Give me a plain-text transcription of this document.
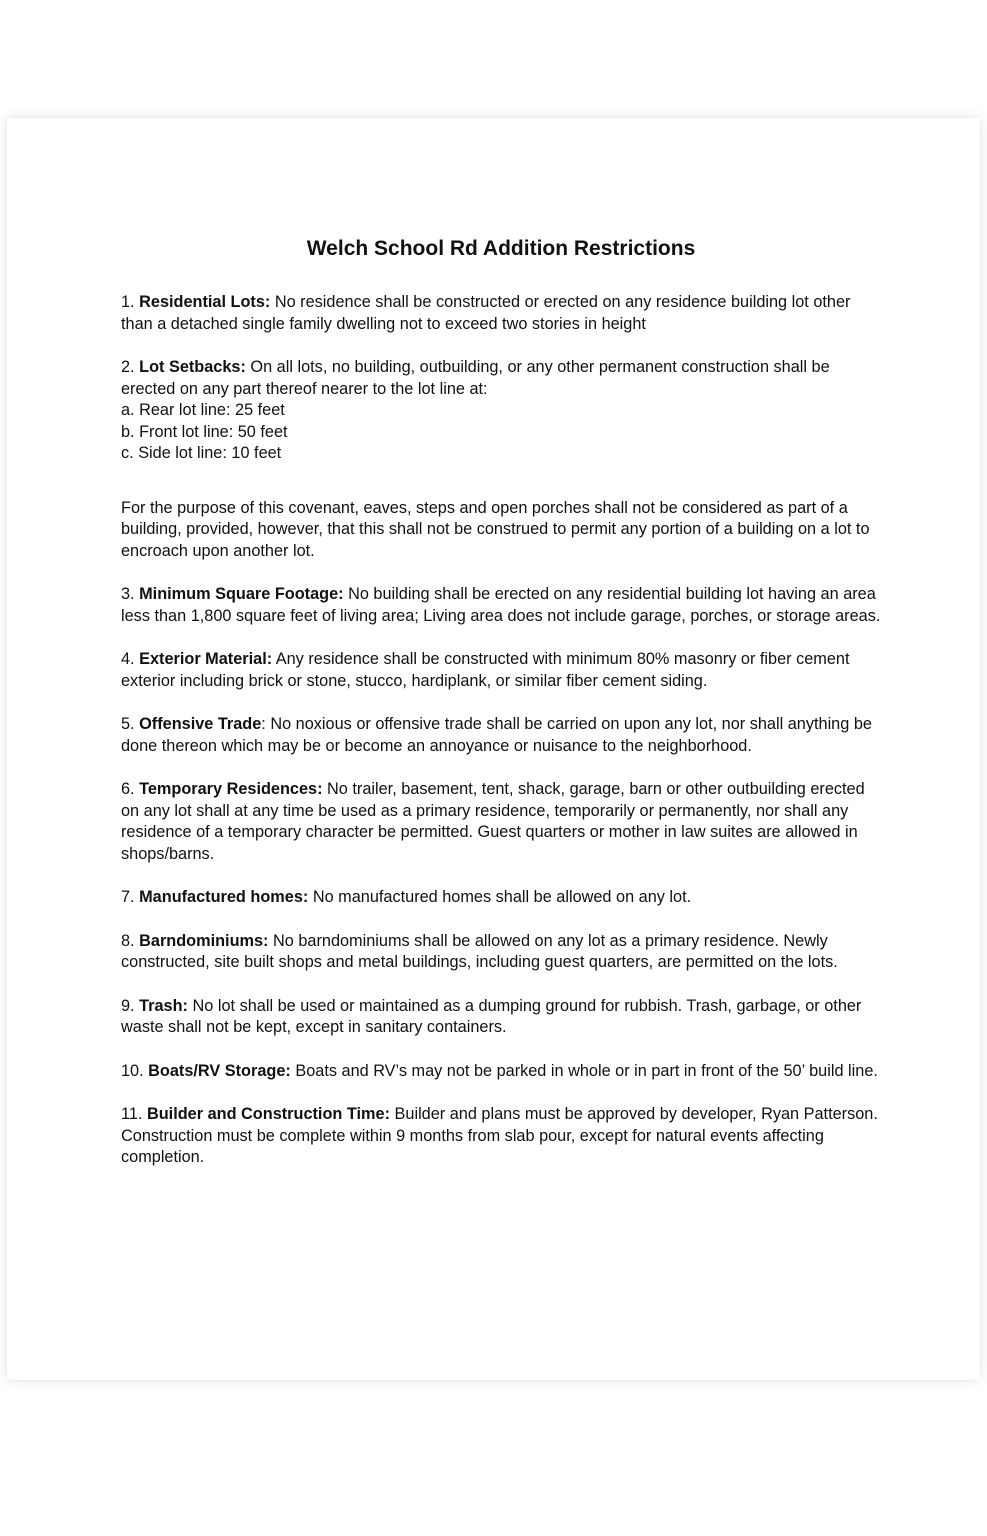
Welch School Rd Addition Restrictions

1. Residential Lots: No residence shall be constructed or erected on any residence building lot other than a detached single family dwelling not to exceed two stories in height

2. Lot Setbacks: On all lots, no building, outbuilding, or any other permanent construction shall be erected on any part thereof nearer to the lot line at:
a. Rear lot line: 25 feet
b. Front lot line: 50 feet
c. Side lot line: 10 feet

For the purpose of this covenant, eaves, steps and open porches shall not be considered as part of a building, provided, however, that this shall not be construed to permit any portion of a building on a lot to encroach upon another lot.

3. Minimum Square Footage: No building shall be erected on any residential building lot having an area less than 1,800 square feet of living area; Living area does not include garage, porches, or storage areas.

4. Exterior Material: Any residence shall be constructed with minimum 80% masonry or fiber cement exterior including brick or stone, stucco, hardiplank, or similar fiber cement siding.

5. Offensive Trade: No noxious or offensive trade shall be carried on upon any lot, nor shall anything be done thereon which may be or become an annoyance or nuisance to the neighborhood.

6. Temporary Residences: No trailer, basement, tent, shack, garage, barn or other outbuilding erected on any lot shall at any time be used as a primary residence, temporarily or permanently, nor shall any residence of a temporary character be permitted. Guest quarters or mother in law suites are allowed in shops/barns.

7. Manufactured homes: No manufactured homes shall be allowed on any lot.

8. Barndominiums: No barndominiums shall be allowed on any lot as a primary residence. Newly constructed, site built shops and metal buildings, including guest quarters, are permitted on the lots.

9. Trash: No lot shall be used or maintained as a dumping ground for rubbish. Trash, garbage, or other waste shall not be kept, except in sanitary containers.

10. Boats/RV Storage: Boats and RV’s may not be parked in whole or in part in front of the 50’ build line.

11. Builder and Construction Time: Builder and plans must be approved by developer, Ryan Patterson. Construction must be complete within 9 months from slab pour, except for natural events affecting completion.
